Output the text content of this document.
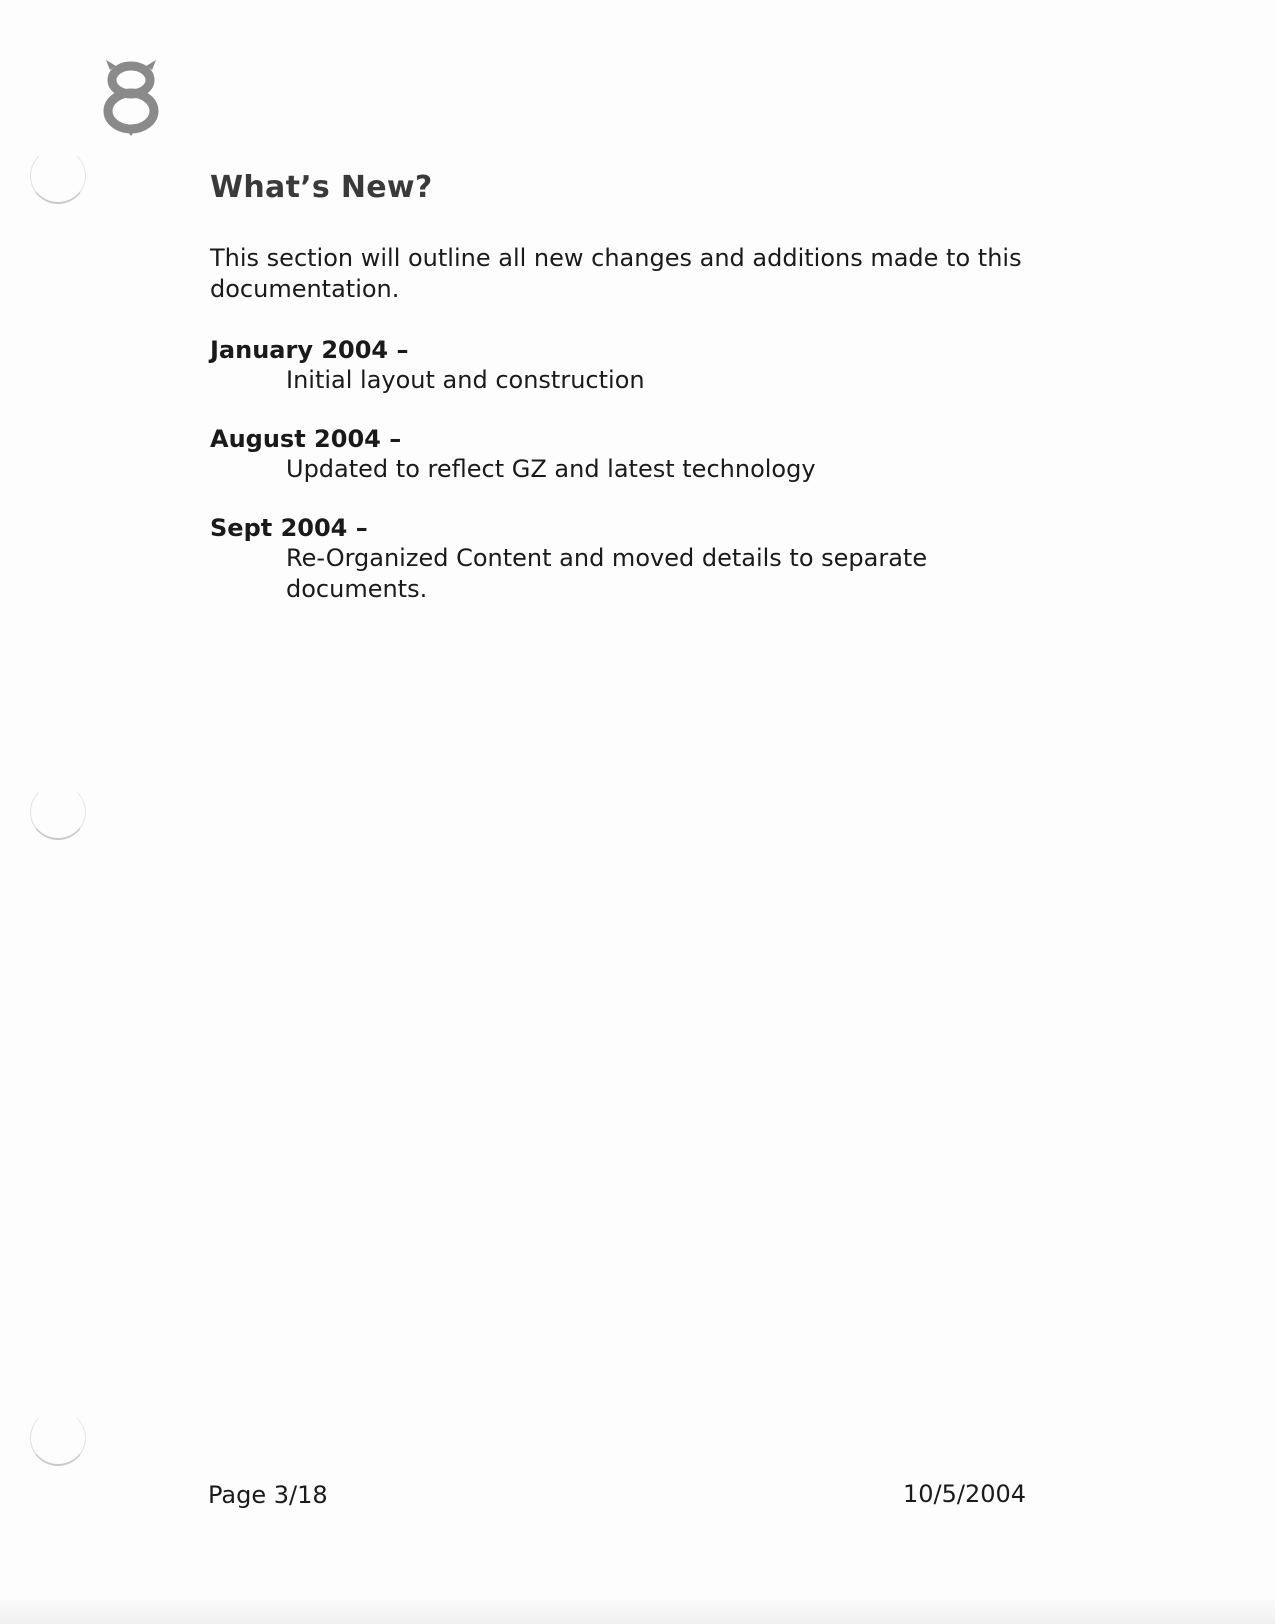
What’s New?

This section will outline all new changes and additions made to this documentation.

January 2004 –
Initial layout and construction
August 2004 –
Updated to reflect GZ and latest technology
Sept 2004 –
Re-Organized Content and moved details to separate documents.
Page 3/18	10/5/2004
